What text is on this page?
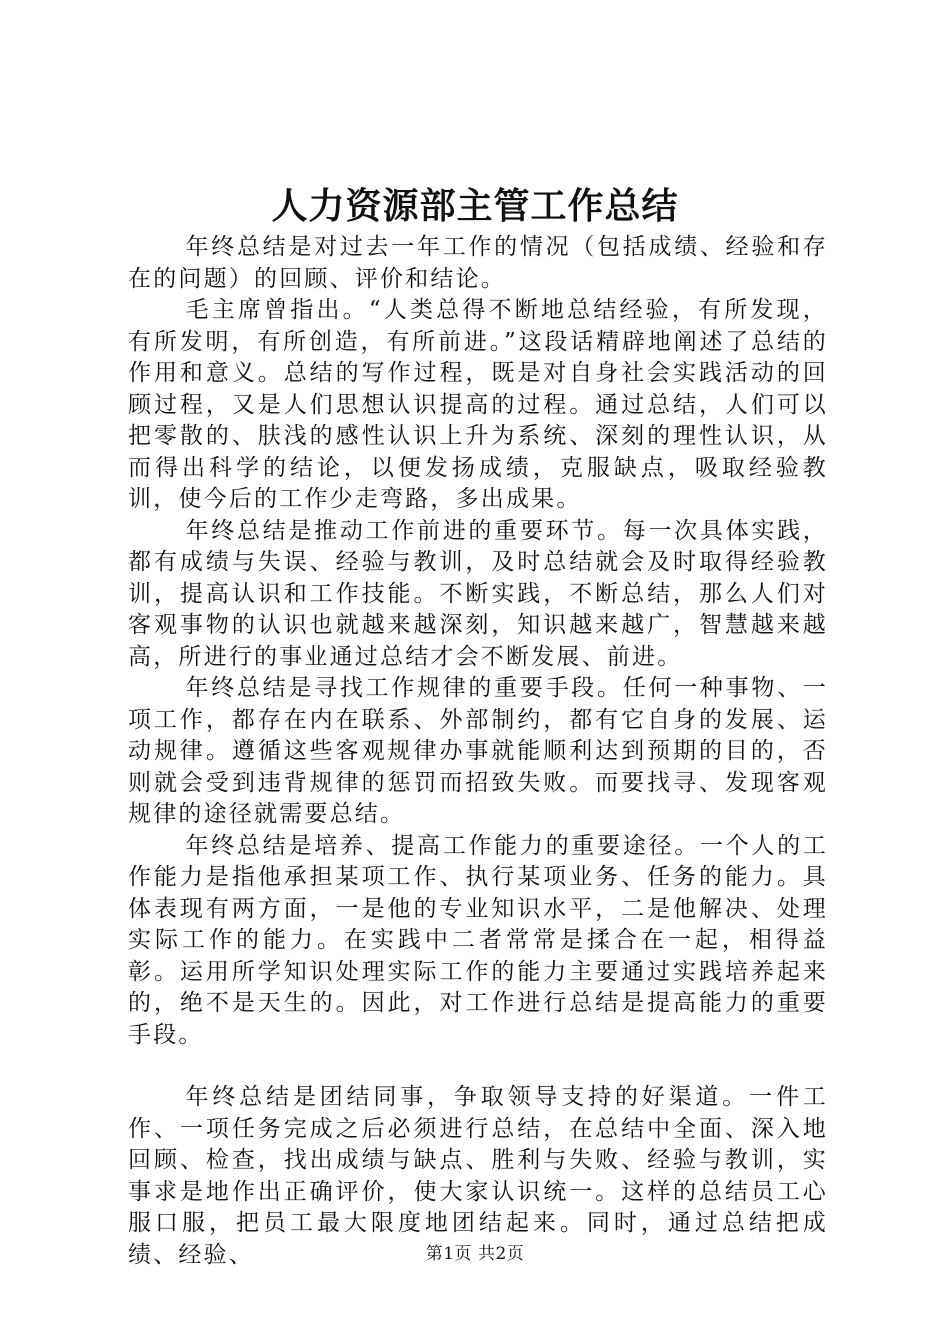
人力资源部主管工作总结

年终总结是对过去一年工作的情况（包括成绩、经验和存在的问题）的回顾、评价和结论。

毛主席曾指出。“人类总得不断地总结经验，有所发现，有所发明，有所创造，有所前进。”这段话精辟地阐述了总结的作用和意义。总结的写作过程，既是对自身社会实践活动的回顾过程，又是人们思想认识提高的过程。通过总结，人们可以把零散的、肤浅的感性认识上升为系统、深刻的理性认识，从而得出科学的结论，以便发扬成绩，克服缺点，吸取经验教训，使今后的工作少走弯路，多出成果。

年终总结是推动工作前进的重要环节。每一次具体实践，都有成绩与失误、经验与教训，及时总结就会及时取得经验教训，提高认识和工作技能。不断实践，不断总结，那么人们对客观事物的认识也就越来越深刻，知识越来越广，智慧越来越高，所进行的事业通过总结才会不断发展、前进。

年终总结是寻找工作规律的重要手段。任何一种事物、一项工作，都存在内在联系、外部制约，都有它自身的发展、运动规律。遵循这些客观规律办事就能顺利达到预期的目的，否则就会受到违背规律的惩罚而招致失败。而要找寻、发现客观规律的途径就需要总结。

年终总结是培养、提高工作能力的重要途径。一个人的工作能力是指他承担某项工作、执行某项业务、任务的能力。具体表现有两方面，一是他的专业知识水平，二是他解决、处理实际工作的能力。在实践中二者常常是揉合在一起，相得益彰。运用所学知识处理实际工作的能力主要通过实践培养起来的，绝不是天生的。因此，对工作进行总结是提高能力的重要手段。

年终总结是团结同事，争取领导支持的好渠道。一件工作、一项任务完成之后必须进行总结，在总结中全面、深入地回顾、检查，找出成绩与缺点、胜利与失败、经验与教训，实事求是地作出正确评价，使大家认识统一。这样的总结员工心服口服，把员工最大限度地团结起来。同时，通过总结把成绩、经验、	第1页 共2页
